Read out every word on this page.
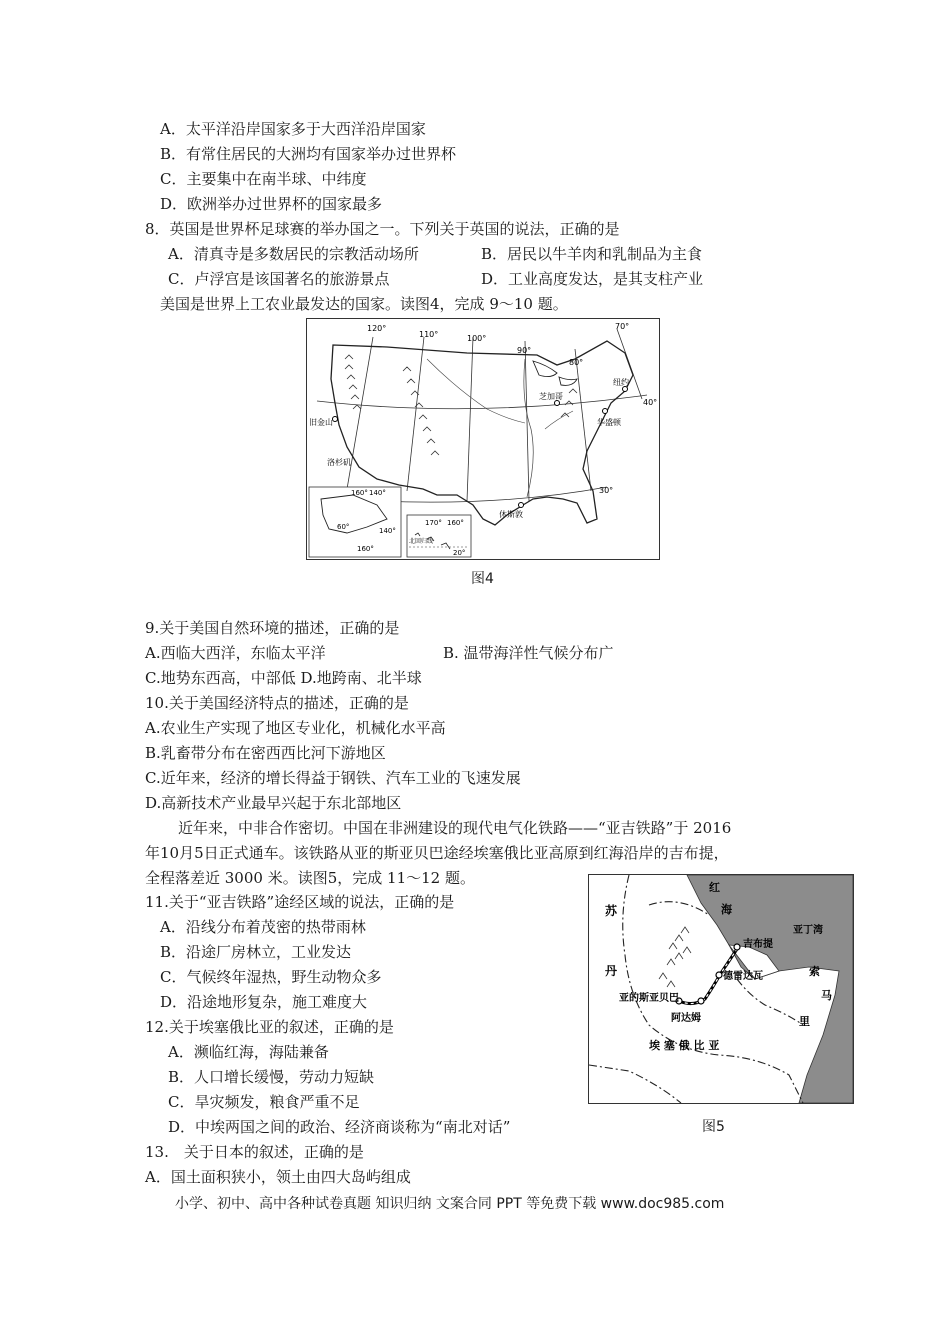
A．太平洋沿岸国家多于大西洋沿岸国家
B．有常住居民的大洲均有国家举办过世界杯
C．主要集中在南半球、中纬度
D．欧洲举办过世界杯的国家最多
8．英国是世界杯足球赛的举办国之一。下列关于英国的说法，正确的是
A．清真寺是多数居民的宗教活动场所	B．居民以牛羊肉和乳制品为主食
C．卢浮宫是该国著名的旅游景点	D．工业高度发达，是其支柱产业
美国是世界上工农业最发达的国家。读图4，完成 9～10 题。
120°
110°	100°
90°
80°
70°
40°
30°
纽约
芝加哥
华盛顿
旧金山
洛杉矶
休斯敦
160° 140°
60°	140°
160°
170° 160°
20°
北回归线
图4
9.关于美国自然环境的描述，正确的是
A.西临大西洋，东临太平洋	B. 温带海洋性气候分布广
C.地势东西高，中部低 D.地跨南、北半球
10.关于美国经济特点的描述，正确的是
A.农业生产实现了地区专业化，机械化水平高
B.乳畜带分布在密西西比河下游地区
C.近年来，经济的增长得益于钢铁、汽车工业的飞速发展
D.高新技术产业最早兴起于东北部地区
近年来，中非合作密切。中国在非洲建设的现代电气化铁路——“亚吉铁路”于 2016
年10月5日正式通车。该铁路从亚的斯亚贝巴途经埃塞俄比亚高原到红海沿岸的吉布提，
全程落差近 3000 米。读图5，完成 11～12 题。
11.关于“亚吉铁路”途经区域的说法，正确的是
A．沿线分布着茂密的热带雨林
B．沿途厂房林立，工业发达
C．气候终年湿热，野生动物众多
D．沿途地形复杂，施工难度大
12.关于埃塞俄比亚的叙述，正确的是
A．濒临红海，海陆兼备
B．人口增长缓慢，劳动力短缺
C．旱灾频发，粮食严重不足
D．中埃两国之间的政治、经济商谈称为“南北对话”
苏
丹
红
海
亚丁湾
索
马
里
吉布提
德雷达瓦
亚的斯亚贝巴
阿达姆
埃 塞 俄 比 亚
图5
13.　关于日本的叙述，正确的是
A．国土面积狭小，领土由四大岛屿组成
小学、初中、高中各种试卷真题 知识归纳 文案合同 PPT 等免费下载 www.doc985.com
